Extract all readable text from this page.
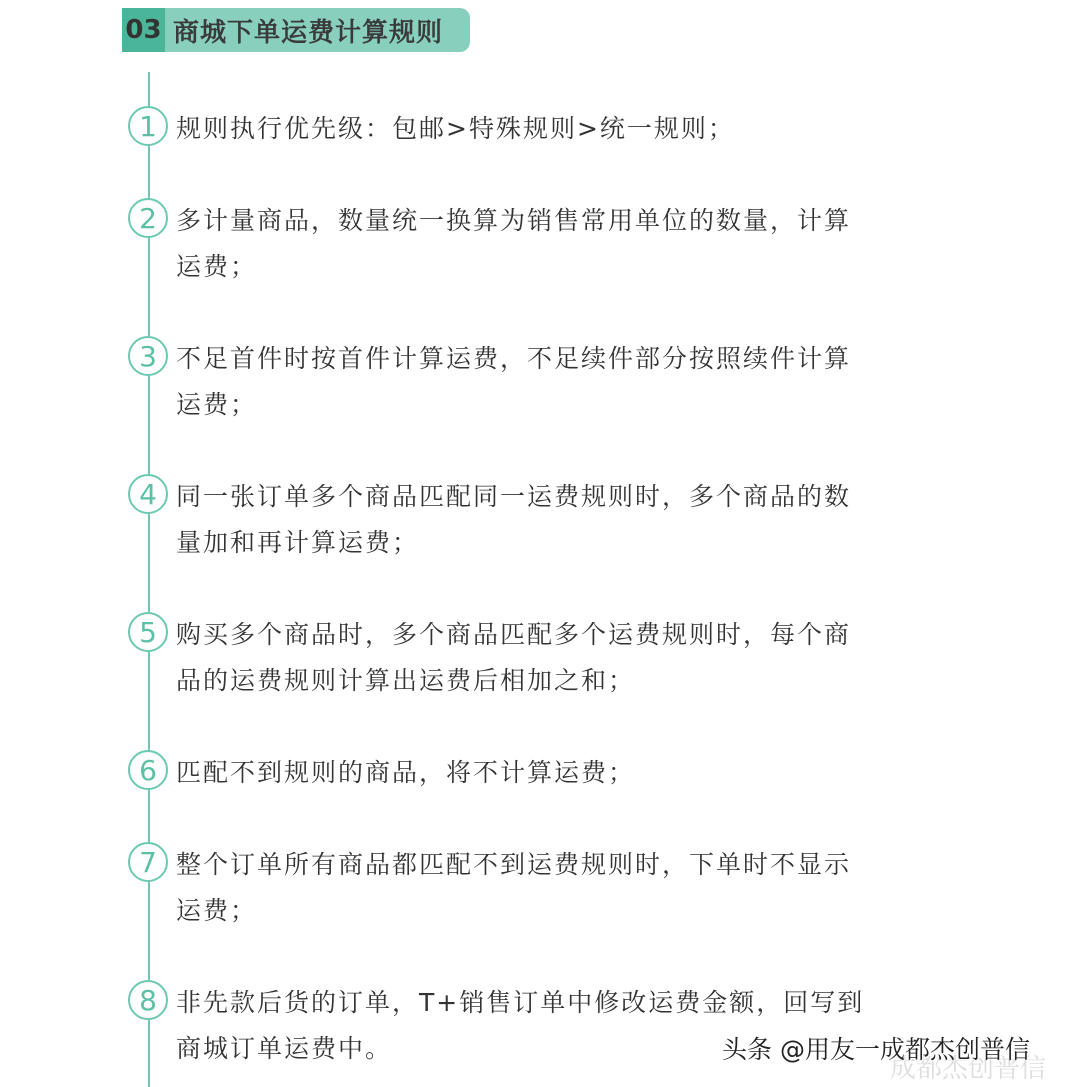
03 商城下单运费计算规则
1 规则执行优先级：包邮>特殊规则>统一规则；
2 多计量商品，数量统一换算为销售常用单位的数量，计算运费；
3 不足首件时按首件计算运费，不足续件部分按照续件计算运费；
4 同一张订单多个商品匹配同一运费规则时，多个商品的数量加和再计算运费；
5 购买多个商品时，多个商品匹配多个运费规则时，每个商品的运费规则计算出运费后相加之和；
6 匹配不到规则的商品，将不计算运费；
7 整个订单所有商品都匹配不到运费规则时，下单时不显示运费；
8 非先款后货的订单，T+销售订单中修改运费金额，回写到商城订单运费中。
成都杰创普信
头条 @用友一成都杰创普信
